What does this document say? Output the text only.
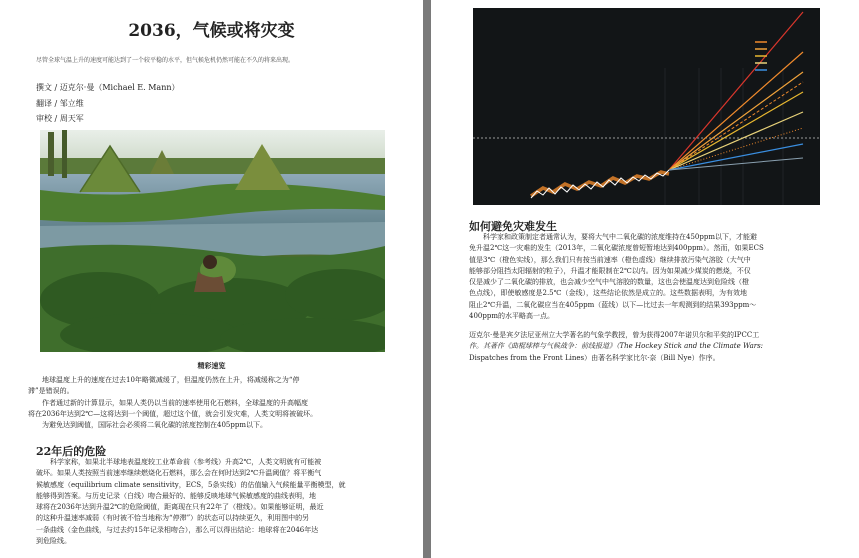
2036，气候或将灾变

尽管全球气温上升的速度可能达到了一个较平稳的水平，但气候危机仍然可能在不久的将来出现。

撰文 / 迈克尔·曼（Michael E. Mann）

翻译 / 邹立维

审校 / 周天军

精彩速览

地球温度上升的速度在过去10年略微减缓了，但温度仍然在上升，将减缓称之为“停
滞”是错误的。
作者通过新的计算显示，如果人类仍以当前的速率使用化石燃料，全球温度的升高幅度
将在2036年达到2℃—这将达到一个阈值，超过这个值，就会引发灾难，人类文明将被破坏。
为避免达到阈值，国际社会必须将二氧化碳的浓度控制在405ppm以下。
22年后的危险
科学家称，如果北半球地表温度较工业革命前（参考线）升高2℃，人类文明就有可能被
破坏。如果人类按照当前速率继续燃烧化石燃料，那么会在何时达到2℃升温阈值？将平衡气
候敏感度（equilibrium climate sensitivity，ECS，5条实线）的估值输入气候能量平衡模型，就
能够得到答案。与历史记录（白线）吻合最好的、能够反映地球气候敏感度的曲线表明，地
球将在2036年达到升温2℃的危险阈值，距离现在只有22年了（橙线）。如果能够证明，最近
的这种升温速率减弱（有时被不恰当地称为“停滞”）的状态可以持续更久，利用图中的另
一条曲线（金色曲线，与过去约15年记录相吻合），那么可以得出结论：地球将在2046年达
到危险线。
如何避免灾难发生
科学家和政策制定者通常认为，要将大气中二氧化碳的浓度维持在450ppm以下，才能避
免升温2℃这一灾难的发生（2013年，二氧化碳浓度曾短暂地达到400ppm）。然而，如果ECS
值是3℃（橙色实线），那么我们只有按当前速率（橙色虚线）继续排放污染气溶胶（大气中
能够部分阻挡太阳辐射的粒子），升温才能限制在2℃以内。因为如果减少煤炭的燃烧，不仅
仅是减少了二氧化碳的排放，也会减少空气中气溶胶的数量，这也会使温度达到危险线（橙
色点线），即使敏感度是2.5℃（金线），这些结论依然是成立的。这些数据表明，为有效地
阻止2℃升温，二氧化碳应当在405ppm（蓝线）以下—比过去一年观测到的结果393ppm～
400ppm的水平略高一点。
迈克尔·曼是宾夕法尼亚州立大学著名的气象学教授，曾为获得2007年诺贝尔和平奖的IPCC工
作。其著作《曲棍球棒与气候战争：前线报道》（The Hockey Stick and the Climate Wars:
Dispatches from the Front Lines）由著名科学家比尔·奈（Bill Nye）作序。
